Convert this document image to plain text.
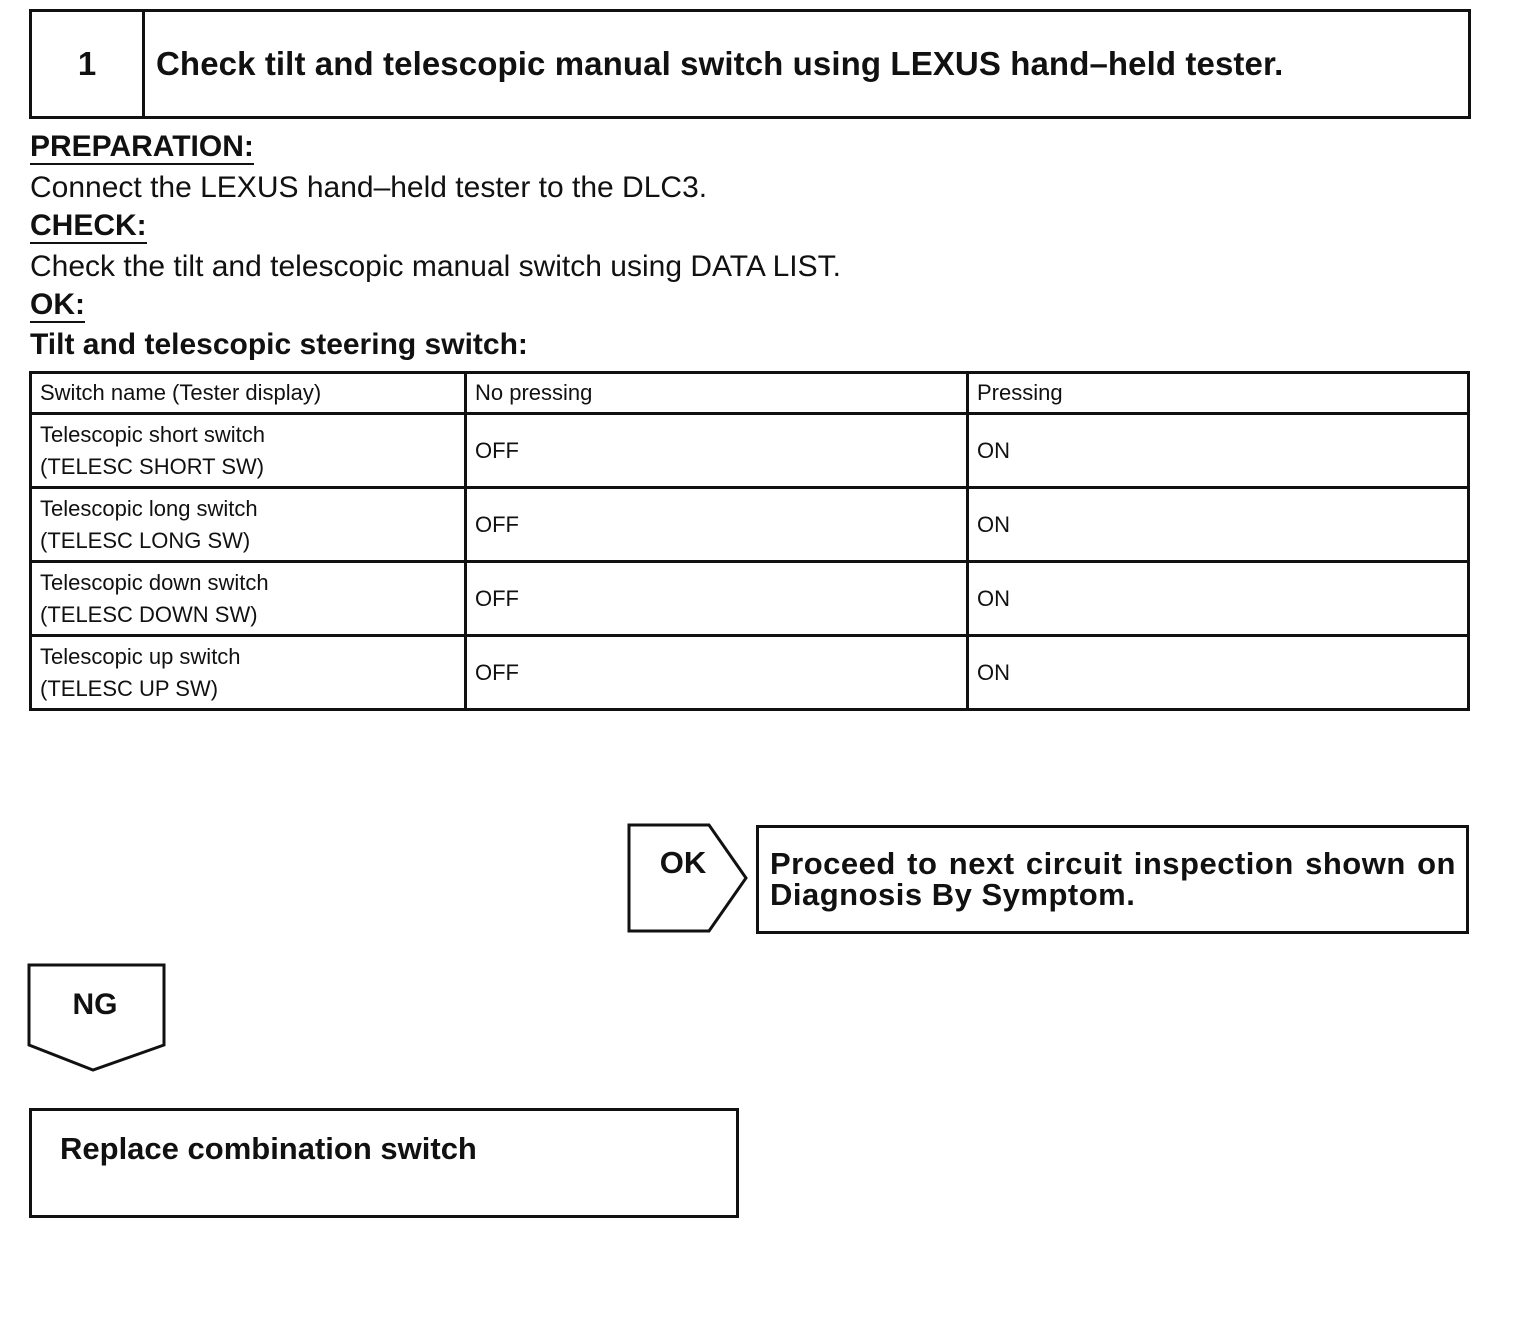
1	Check tilt and telescopic manual switch using LEXUS hand–held tester.
PREPARATION:
Connect the LEXUS hand–held tester to the DLC3.
CHECK:
Check the tilt and telescopic manual switch using DATA LIST.
OK:
Tilt and telescopic steering switch:
Switch name (Tester display)	No pressing	Pressing

Telescopic short switch
(TELESC SHORT SW)	OFF	ON

Telescopic long switch
(TELESC LONG SW)	OFF	ON

Telescopic down switch
(TELESC DOWN SW)	OFF	ON

Telescopic up switch
(TELESC UP SW)	OFF	ON
OK	Proceed to next circuit inspection shown on Diagnosis By Symptom.
NG
Replace combination switch
